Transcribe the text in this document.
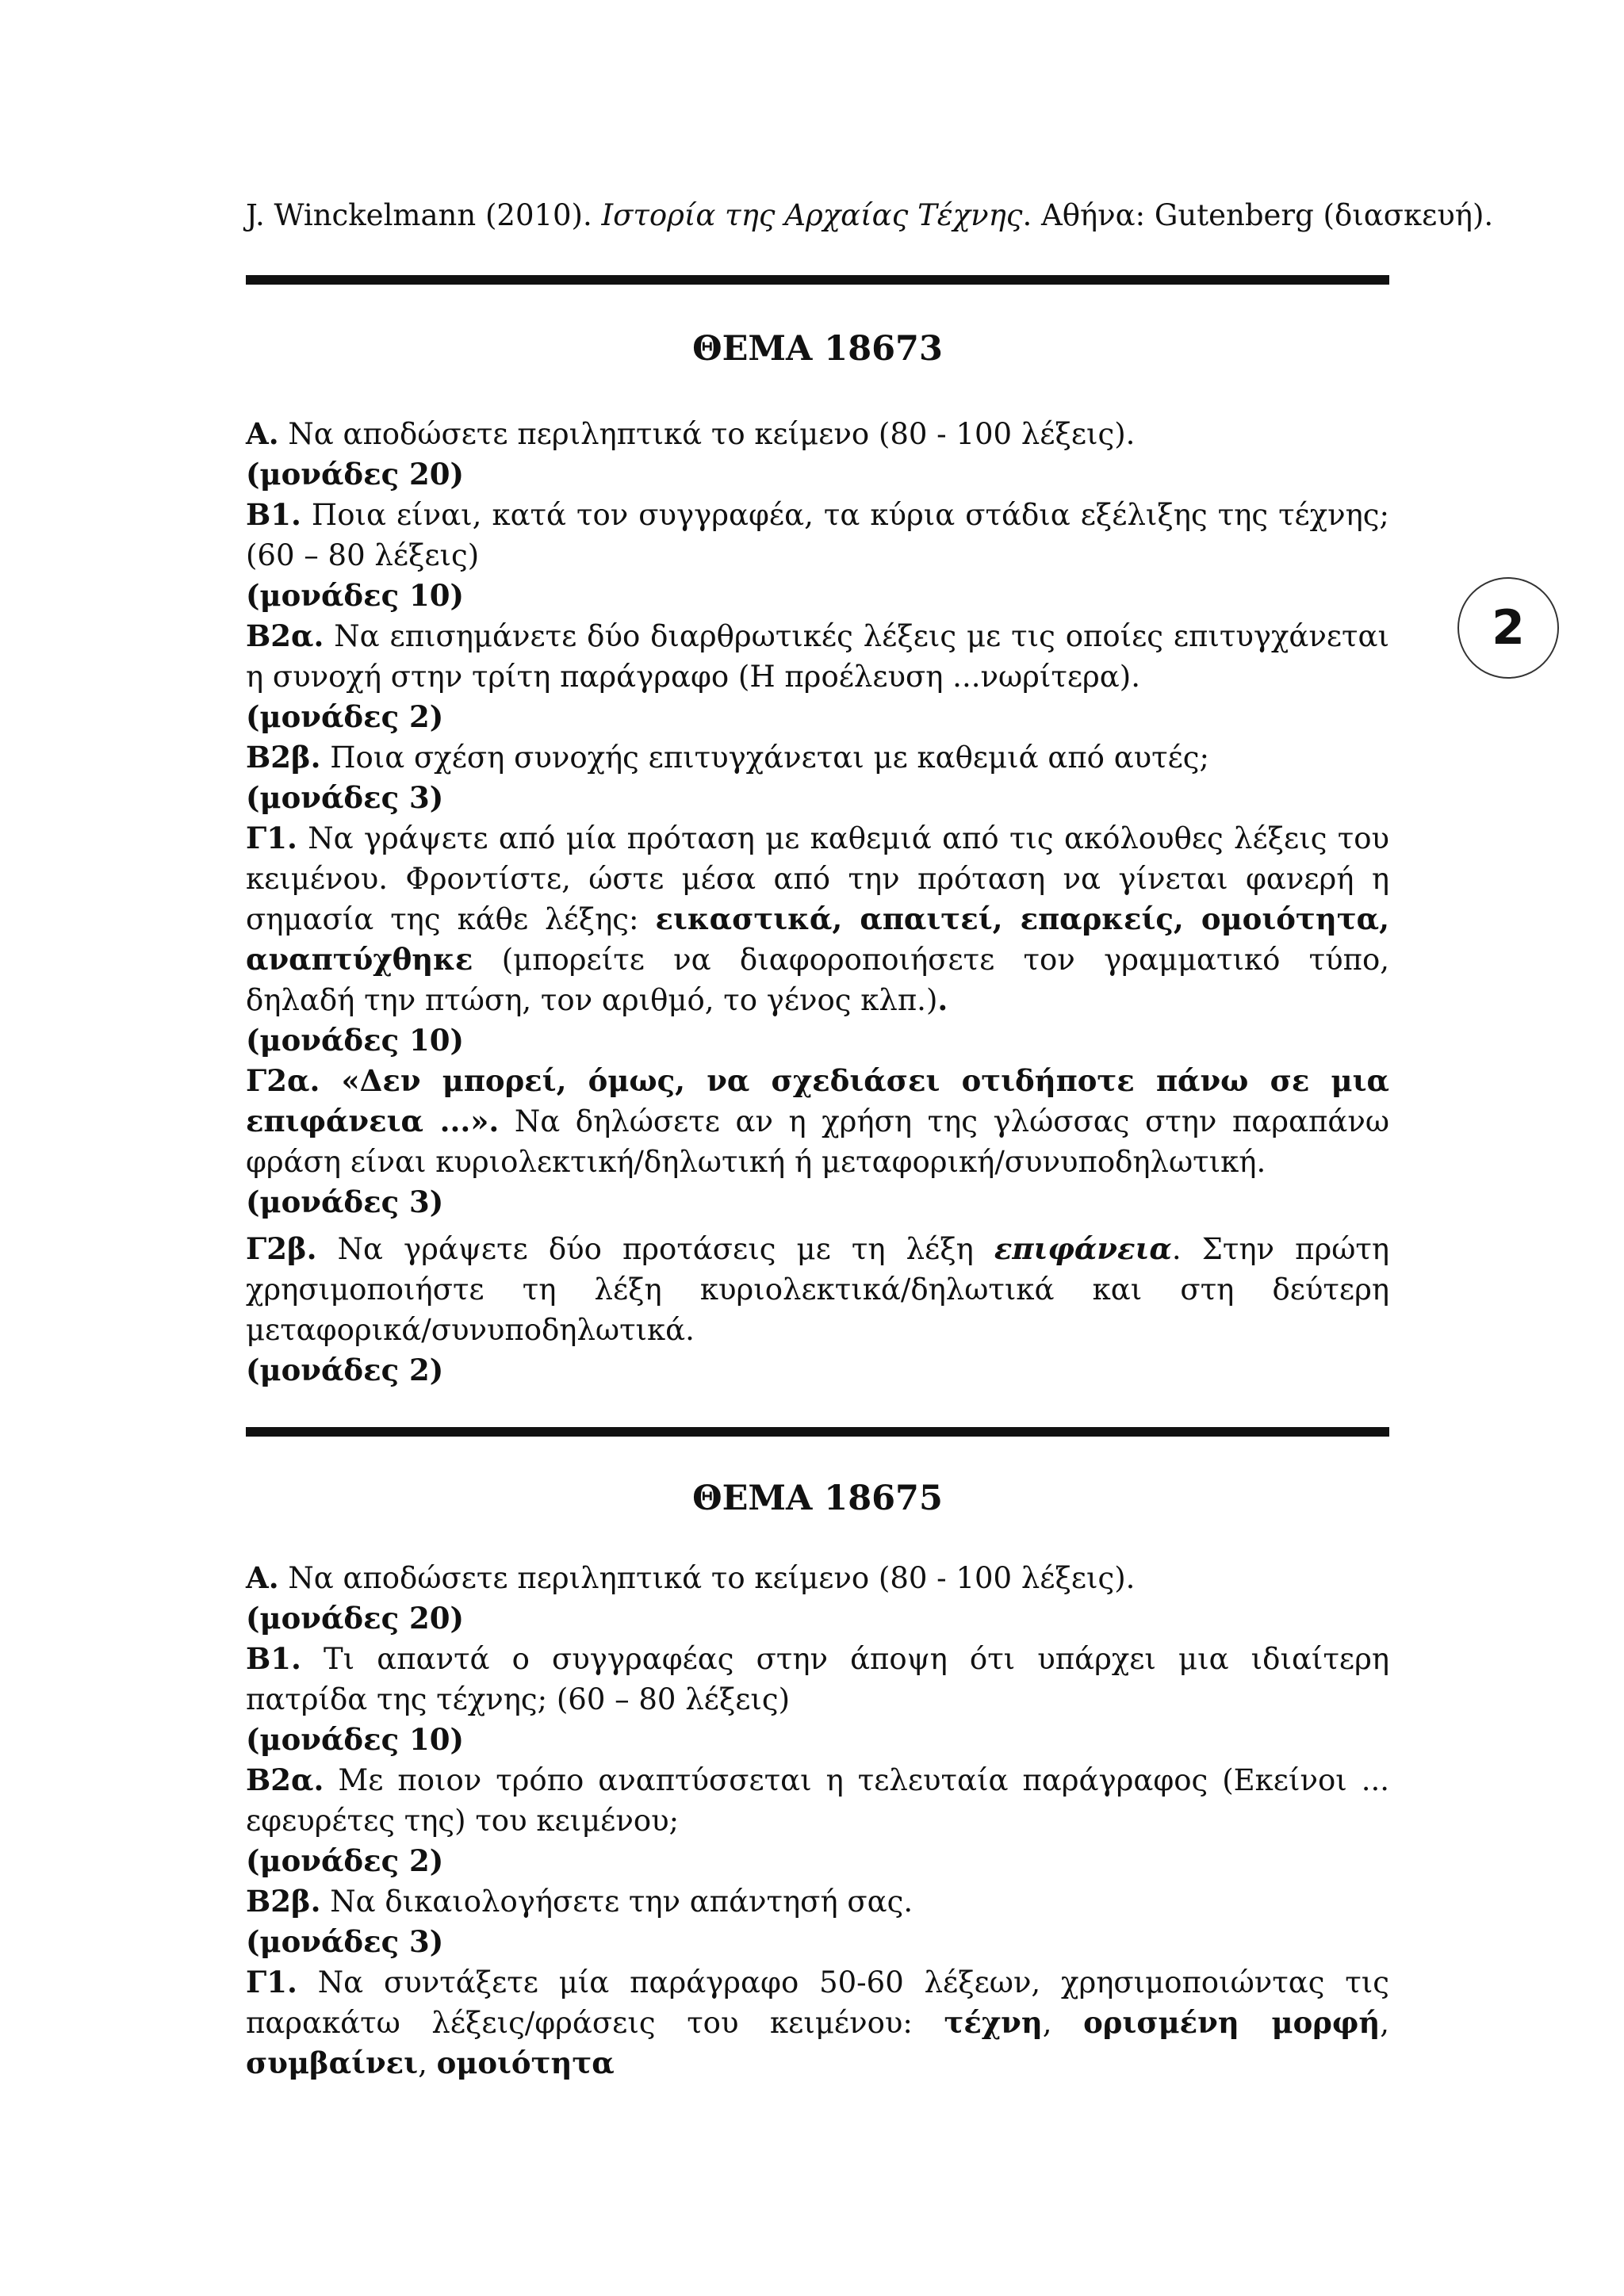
J. Winckelmann (2010). Ιστορία της Αρχαίας Τέχνης. Αθήνα: Gutenberg (διασκευή).
2
ΘΕΜΑ 18673

Α. Να αποδώσετε περιληπτικά το κείμενο (80 - 100 λέξεις).

(μονάδες 20)

Β1. Ποια είναι, κατά τον συγγραφέα, τα κύρια στάδια εξέλιξης της τέχνης; (60 – 80 λέξεις)

(μονάδες 10)

Β2α. Να επισημάνετε δύο διαρθρωτικές λέξεις με τις οποίες επιτυγχάνεται η συνοχή στην τρίτη παράγραφο (Η προέλευση ...νωρίτερα).

(μονάδες 2)

Β2β. Ποια σχέση συνοχής επιτυγχάνεται με καθεμιά από αυτές;

(μονάδες 3)

Γ1. Να γράψετε από μία πρόταση με καθεμιά από τις ακόλουθες λέξεις του κειμένου. Φροντίστε, ώστε μέσα από την πρόταση να γίνεται φανερή η σημασία της κάθε λέξης: εικαστικά, απαιτεί, επαρκείς, ομοιότητα, αναπτύχθηκε (μπορείτε να διαφοροποιήσετε τον γραμματικό τύπο, δηλαδή την πτώση, τον αριθμό, το γένος κλπ.).

(μονάδες 10)

Γ2α. «Δεν μπορεί, όμως, να σχεδιάσει οτιδήποτε πάνω σε μια επιφάνεια ...». Να δηλώσετε αν η χρήση της γλώσσας στην παραπάνω φράση είναι κυριολεκτική/δηλωτική ή μεταφορική/συνυποδηλωτική.

(μονάδες 3)

Γ2β. Να γράψετε δύο προτάσεις με τη λέξη επιφάνεια. Στην πρώτη χρησιμοποιήστε τη λέξη κυριολεκτικά/δηλωτικά και στη δεύτερη μεταφορικά/συνυποδηλωτικά.

(μονάδες 2)

ΘΕΜΑ 18675

Α. Να αποδώσετε περιληπτικά το κείμενο (80 - 100 λέξεις).

(μονάδες 20)

Β1. Τι απαντά ο συγγραφέας στην άποψη ότι υπάρχει μια ιδιαίτερη πατρίδα της τέχνης; (60 – 80 λέξεις)

(μονάδες 10)

Β2α. Με ποιον τρόπο αναπτύσσεται η τελευταία παράγραφος (Εκείνοι ... εφευρέτες της) του κειμένου;

(μονάδες 2)

Β2β. Να δικαιολογήσετε την απάντησή σας.

(μονάδες 3)

Γ1. Να συντάξετε μία παράγραφο 50-60 λέξεων, χρησιμοποιώντας τις παρακάτω λέξεις/φράσεις του κειμένου: τέχνη, ορισμένη μορφή, συμβαίνει, ομοιότητα
